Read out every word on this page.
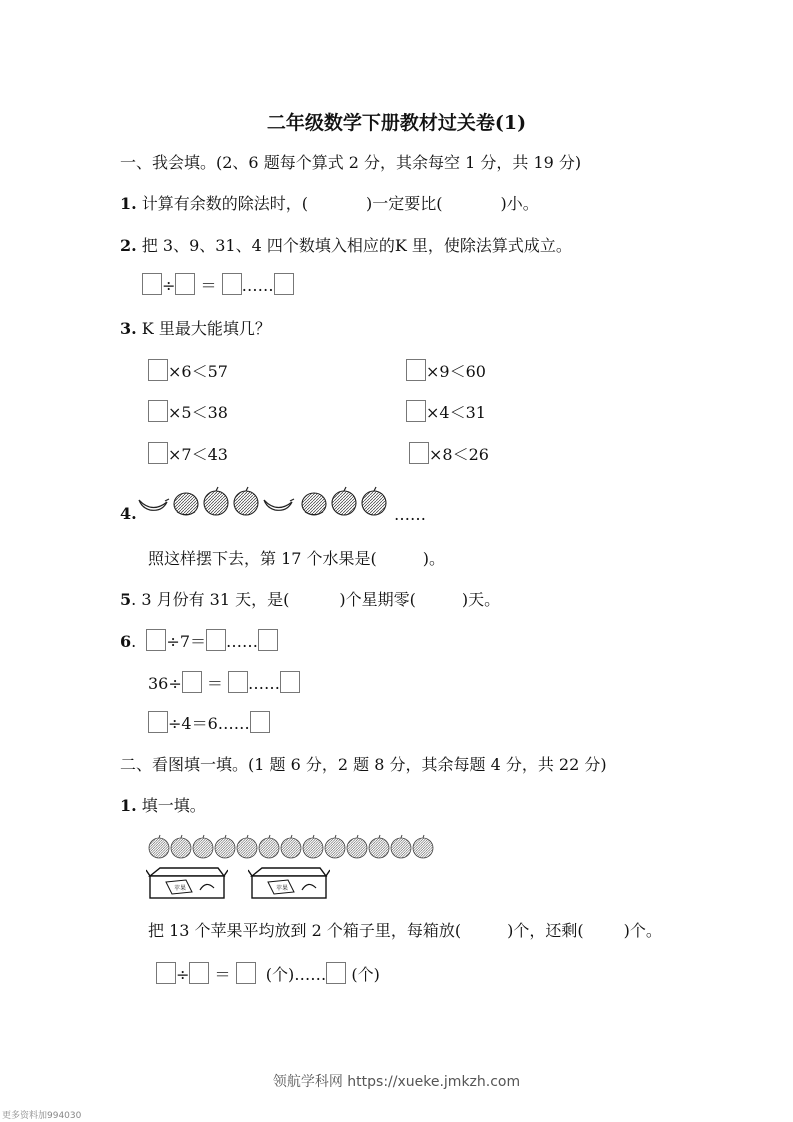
二年级数学下册教材过关卷(1)
一、我会填。(2、6 题每个算式 2 分，其余每空 1 分，共 19 分)
1. 计算有余数的除法时，(	)一定要比(	)小。
2. 把 3、9、31、4 四个数填入相应的K 里，使除法算式成立。
÷ ＝ ……
3. K 里最大能填几？
×6＜57	×9＜60
×5＜38	×4＜31
×7＜43	×8＜26
4.	……
照这样摆下去，第 17 个水果是(	)。
5. 3 月份有 31 天，是(	)个星期零(	)天。
6. ÷7＝ ……
36÷ ＝ ……
÷4＝6……
二、看图填一填。(1 题 6 分，2 题 8 分，其余每题 4 分，共 22 分)
1. 填一填。
苹果	苹果
把 13 个苹果平均放到 2 个箱子里，每箱放(	)个，还剩(	)个。
÷ ＝ (个)…… (个)
领航学科网 https://xueke.jmkzh.com
更多资料加994030
